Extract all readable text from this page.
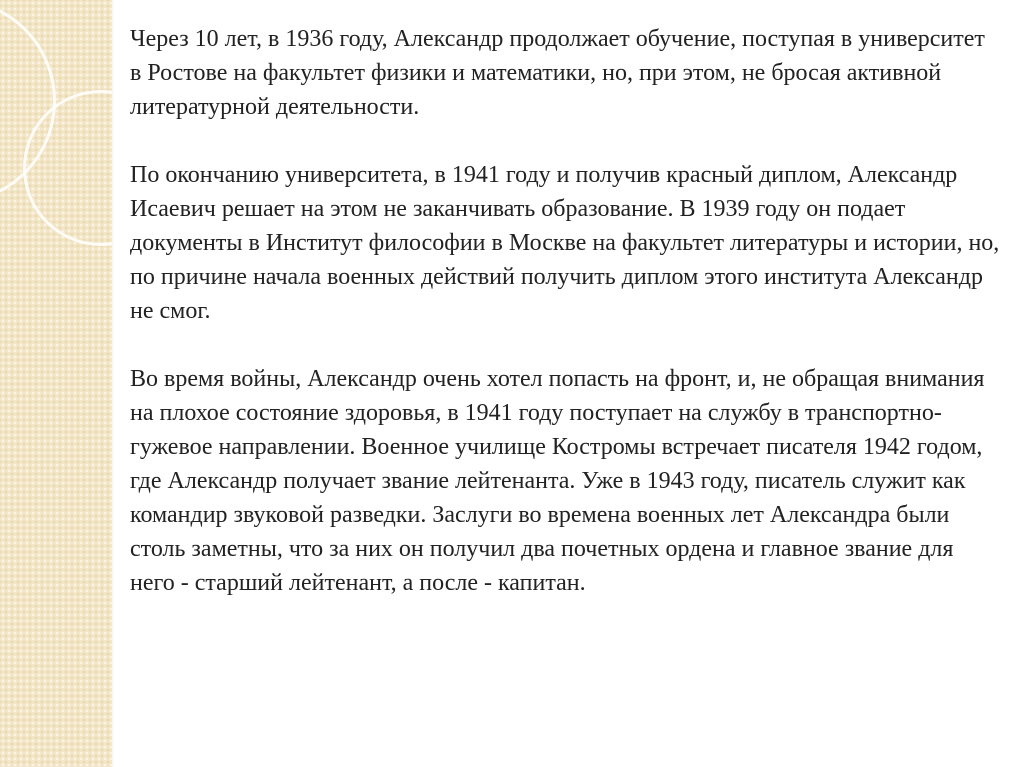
Через 10 лет, в 1936 году, Александр продолжает обучение, поступая в университет в Ростове на факультет физики и математики, но, при этом, не бросая активной литературной деятельности.

По окончанию университета, в 1941 году и получив красный диплом, Александр Исаевич решает на этом не заканчивать образование. В 1939 году он подает документы в Институт философии в Москве на факультет литературы и истории, но, по причине начала военных действий получить диплом этого института Александр не смог.

Во время войны, Александр очень хотел попасть на фронт, и, не обращая внимания на плохое состояние здоровья, в 1941 году поступает на службу в транспортно-гужевое направлении. Военное училище Костромы встречает писателя 1942 годом, где Александр получает звание лейтенанта. Уже в 1943 году, писатель служит как командир звуковой разведки. Заслуги во времена военных лет Александра были столь заметны, что за них он получил два почетных ордена и главное звание для него - старший лейтенант, а после - капитан.
